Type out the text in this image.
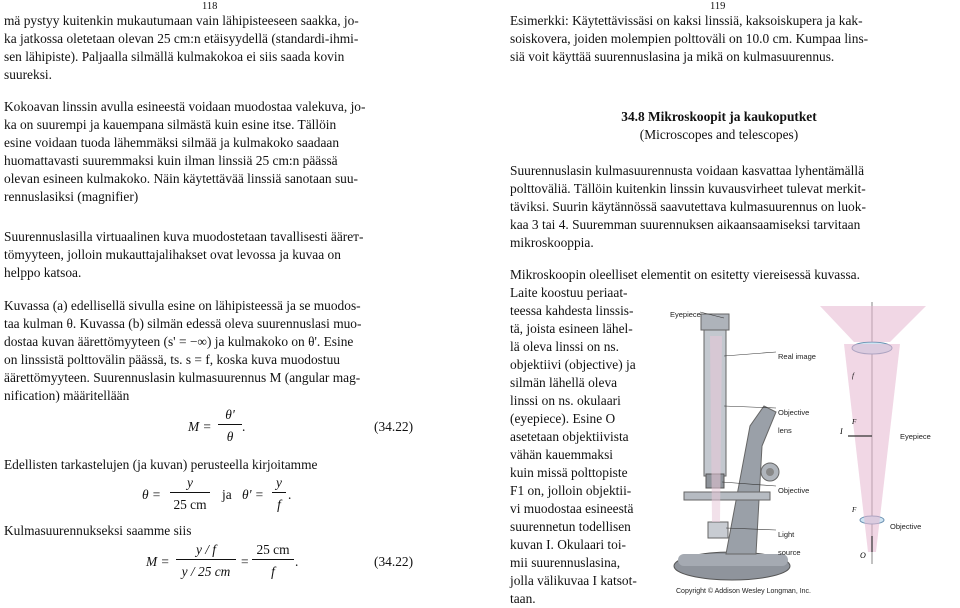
118
mä pystyy kuitenkin mukautumaan vain lähipisteeseen saakka, jo-
ka jatkossa oletetaan olevan 25 cm:n etäisyydellä (standardi-ihmi-
sen lähipiste). Paljaalla silmällä kulmakokoa ei siis saada kovin
suureksi.
Kokoavan linssin avulla esineestä voidaan muodostaa valekuva, jo-
ka on suurempi ja kauempana silmästä kuin esine itse. Tällöin
esine voidaan tuoda lähemmäksi silmää ja kulmakoko saadaan
huomattavasti suuremmaksi kuin ilman linssiä 25 cm:n päässä
olevan esineen kulmakoko. Näin käytettävää linssiä sanotaan suu-
rennuslasiksi (magnifier)
Suurennuslasilla virtuaalinen kuva muodostetaan tavallisesti äärет-
tömyyteen, jolloin mukauttajalihakset ovat levossa ja kuvaa on
helppo katsoa.
Kuvassa (a) edellisellä sivulla esine on lähipisteessä ja se muodos-
taa kulman θ. Kuvassa (b) silmän edessä oleva suurennuslasi muo-
dostaa kuvan äärettömyyteen (s' = −∞) ja kulmakoko on θ'. Esine
on linssistä polttovälin päässä, ts. s = f, koska kuva muodostuu
äärettömyyteen. Suurennuslasin kulmasuurennus M (angular mag-
nification) määritellään
M =
θ'
θ
.	(34.22)
Edellisten tarkastelujen (ja kuvan) perusteella kirjoitamme
θ =
y
25 cm
ja θ' =
y
f
.
Kulmasuurennukseksi saamme siis
M =
y / f
y / 25 cm
=
25 cm
f
.	(34.22)
119
Esimerkki: Käytettävissäsi on kaksi linssiä, kaksoiskupera ja kak-
soiskovera, joiden molempien polttoväli on 10.0 cm. Kumpaa lins-
siä voit käyttää suurennuslasina ja mikä on kulmasuurennus.
34.8 Mikroskoopit ja kaukoputket
(Microscopes and telescopes)
Suurennuslasin kulmasuurennusta voidaan kasvattaa lyhentämällä
polttoväliä. Tällöin kuitenkin linssin kuvausvirheet tulevat merkit-
täviksi. Suurin käytännössä saavutettava kulmasuurennus on luok-
kaa 3 tai 4. Suuremman suurennuksen aikaansaamiseksi tarvitaan
mikroskooppia.
Mikroskoopin oleelliset elementit on esitetty viereisessä kuvassa.
Laite koostuu periaat-
teessa kahdesta linssis-
tä, joista esineen lähel-
lä oleva linssi on ns.
objektiivi (objective) ja
silmän lähellä oleva
linssi on ns. okulaari
(eyepiece). Esine O
asetetaan objektiivista
vähän kauemmaksi
kuin missä polttopiste
F1 on, jolloin objektii-
vi muodostaa esineestä
suurennetun todellisen
kuvan I. Okulaari toi-
mii suurennuslasina,
jolla välikuvaa I katsot-
taan.
O
I
f
F
F
Eyepiece
Real image
Objective lens
Objective
Light source
Eyepiece
Objective
Copyright © Addison Wesley Longman, Inc.
